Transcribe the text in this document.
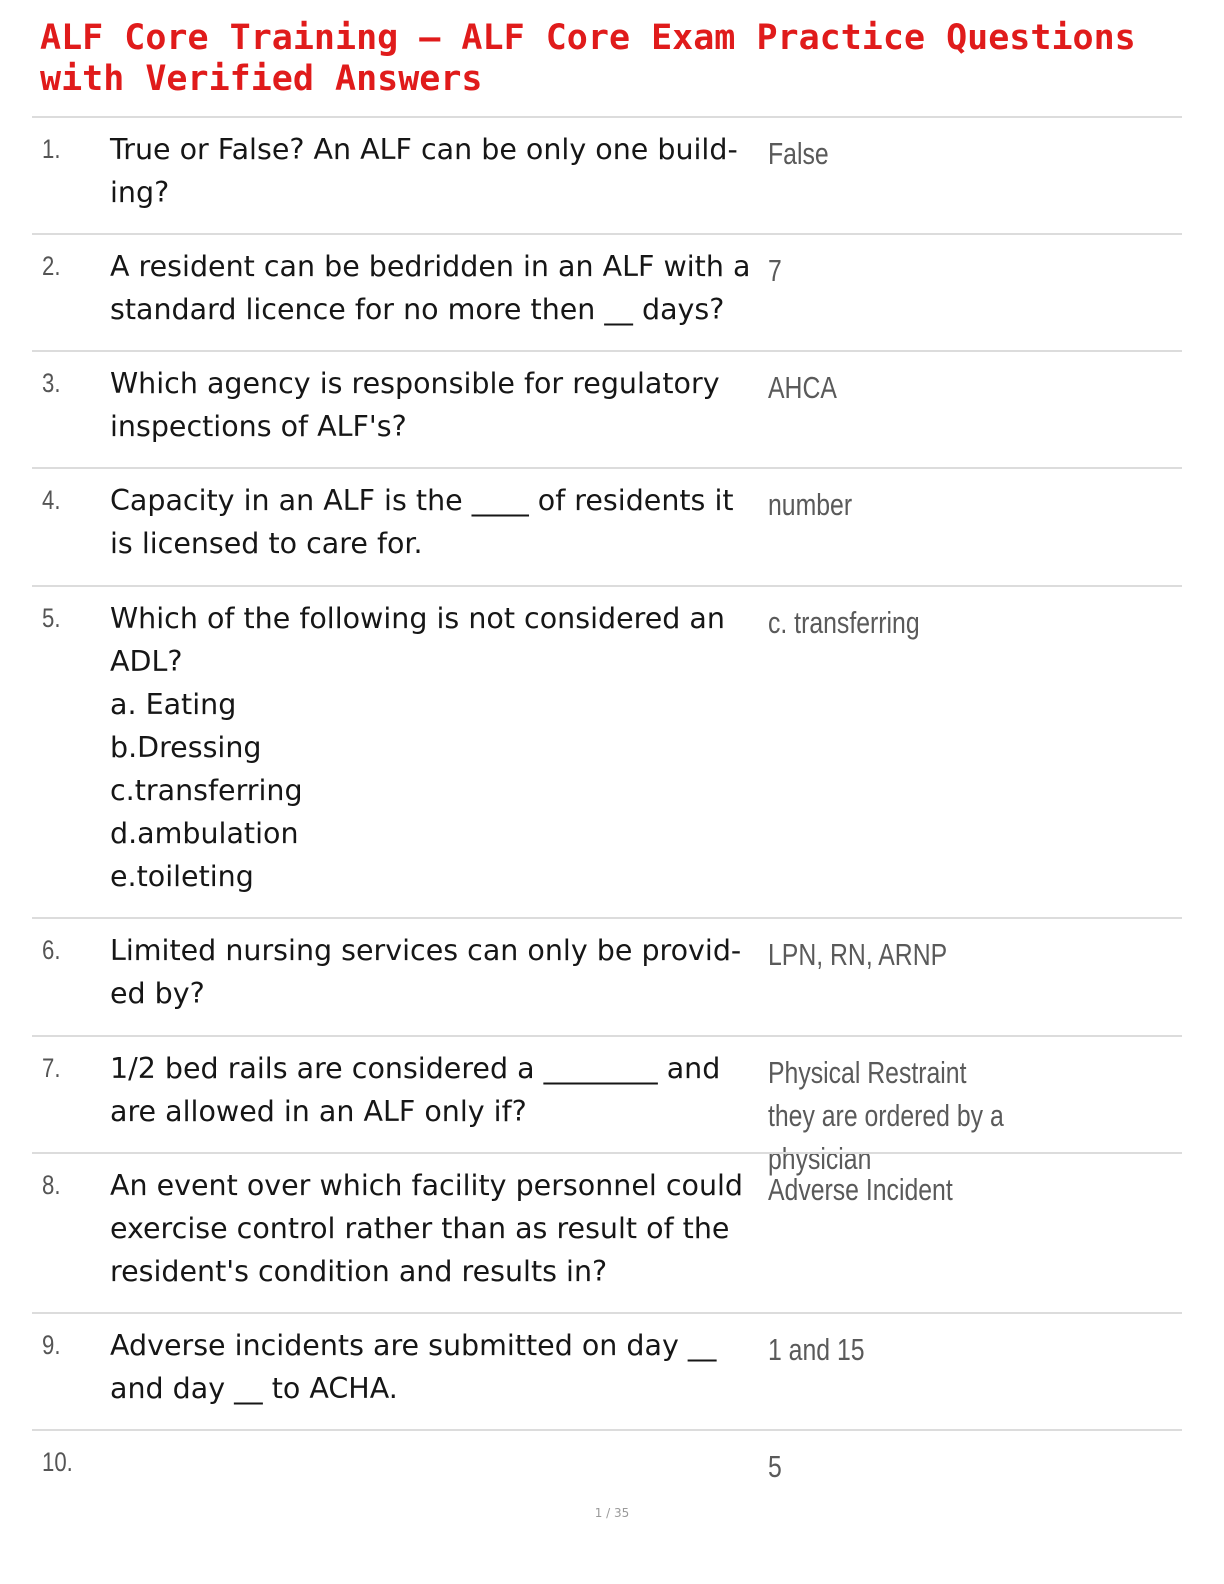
ALF Core Training – ALF Core Exam Practice Questions with Verified Answers
1. True or False? An ALF can be only one build-
ing?
False
2. A resident can be bedridden in an ALF with a
standard licence for no more then __ days?
7
3. Which agency is responsible for regulatory
inspections of ALF's?
AHCA
4. Capacity in an ALF is the ____ of residents it
is licensed to care for.
number
5. Which of the following is not considered an
ADL?
a. Eating
b.Dressing
c.transferring
d.ambulation
e.toileting
c. transferring
6. Limited nursing services can only be provid-
ed by?
LPN, RN, ARNP
7. 1/2 bed rails are considered a ________ and
are allowed in an ALF only if?
Physical Restraint
they are ordered by a physician
8. An event over which facility personnel could
exercise control rather than as result of the
resident's condition and results in?
Adverse Incident
9. Adverse incidents are submitted on day __
and day __ to ACHA.
1 and 15
10.	5
1 / 35
